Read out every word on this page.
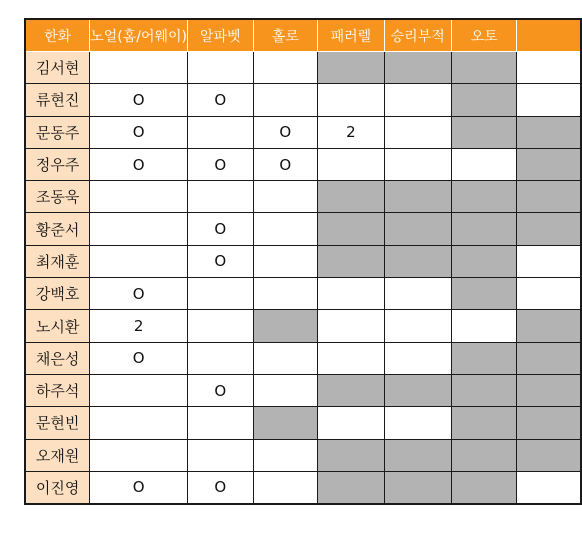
한화	노얼(홈/어웨이)	알파벳	홀로	패러렐	승리부적	오토	
김서현							
류현진	O	O					
문동주	O		O	2			
정우주	O	O	O				
조동욱							
황준서		O					
최재훈		O					
강백호	O						
노시환	2						
채은성	O						
하주석		O					
문현빈							
오재원							
이진영	O	O					
